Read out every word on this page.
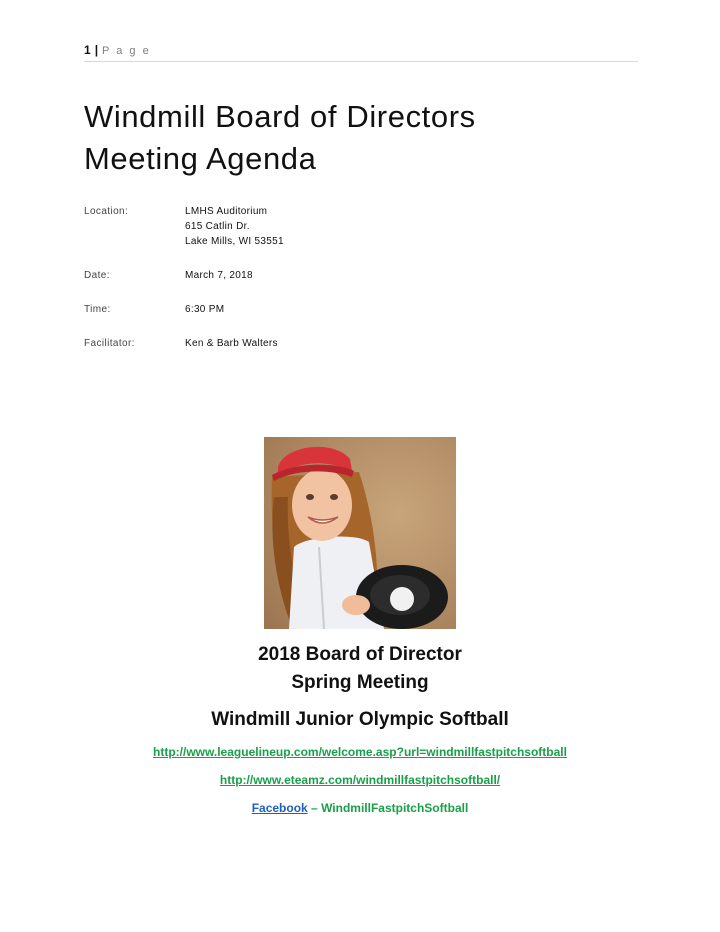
1 | P a g e
Windmill Board of Directors
Meeting Agenda
Location:	LMHS Auditorium
615 Catlin Dr.
Lake Mills, WI 53551
Date:	March 7, 2018
Time:	6:30 PM
Facilitator:	Ken & Barb Walters
2018 Board of Director
Spring Meeting
Windmill Junior Olympic Softball
http://www.leaguelineup.com/welcome.asp?url=windmillfastpitchsoftball
http://www.eteamz.com/windmillfastpitchsoftball/
Facebook – WindmillFastpitchSoftball
